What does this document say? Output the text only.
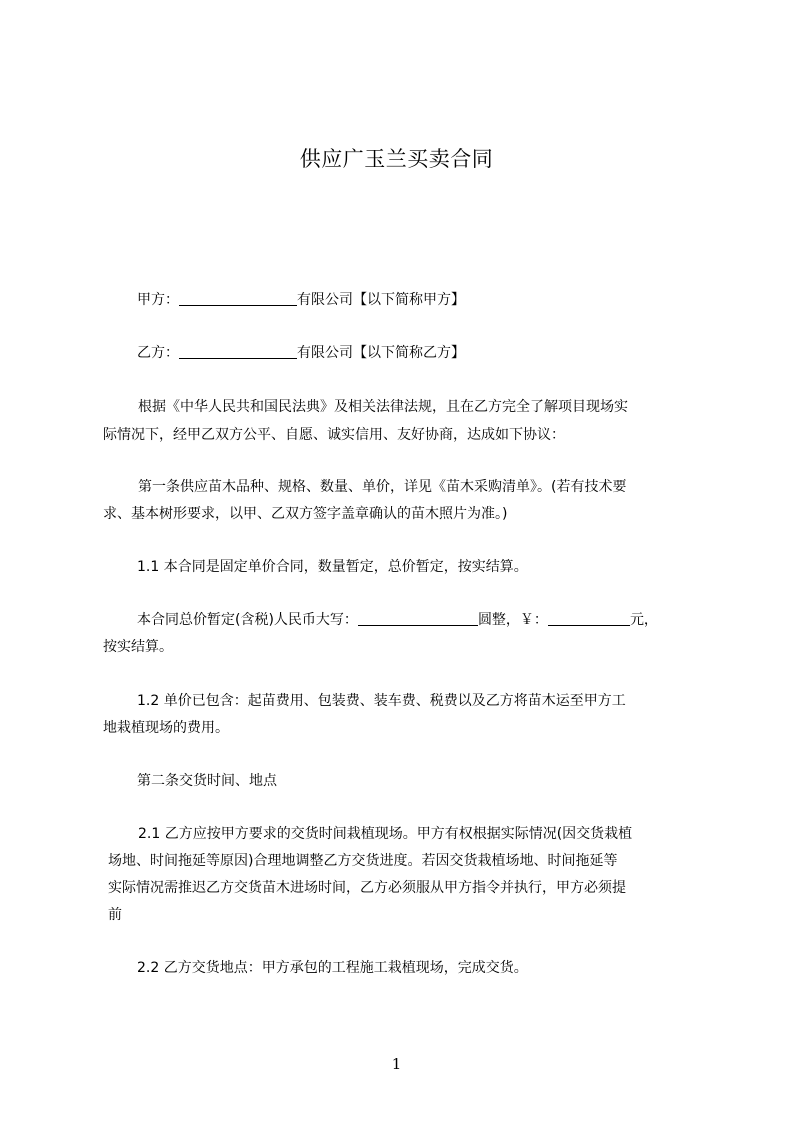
供应广玉兰买卖合同
甲方：	有限公司【以下简称甲方】
乙方：	有限公司【以下简称乙方】
根据《中华人民共和国民法典》及相关法律法规，且在乙方完全了解项目现场实
际情况下，经甲乙双方公平、自愿、诚实信用、友好协商，达成如下协议：
第一条供应苗木品种、规格、数量、单价，详见《苗木采购清单》。(若有技术要
求、基本树形要求，以甲、乙双方签字盖章确认的苗木照片为准。)
1.1 本合同是固定单价合同，数量暂定，总价暂定，按实结算。
本合同总价暂定(含税)人民币大写：	圆整，￥：	元，
按实结算。
1.2 单价已包含：起苗费用、包装费、装车费、税费以及乙方将苗木运至甲方工
地栽植现场的费用。
第二条交货时间、地点
2.1 乙方应按甲方要求的交货时间栽植现场。甲方有权根据实际情况(因交货栽植
场地、时间拖延等原因)合理地调整乙方交货进度。若因交货栽植场地、时间拖延等
实际情况需推迟乙方交货苗木进场时间，乙方必须服从甲方指令并执行，甲方必须提
前
2.2 乙方交货地点：甲方承包的工程施工栽植现场，完成交货。
1
